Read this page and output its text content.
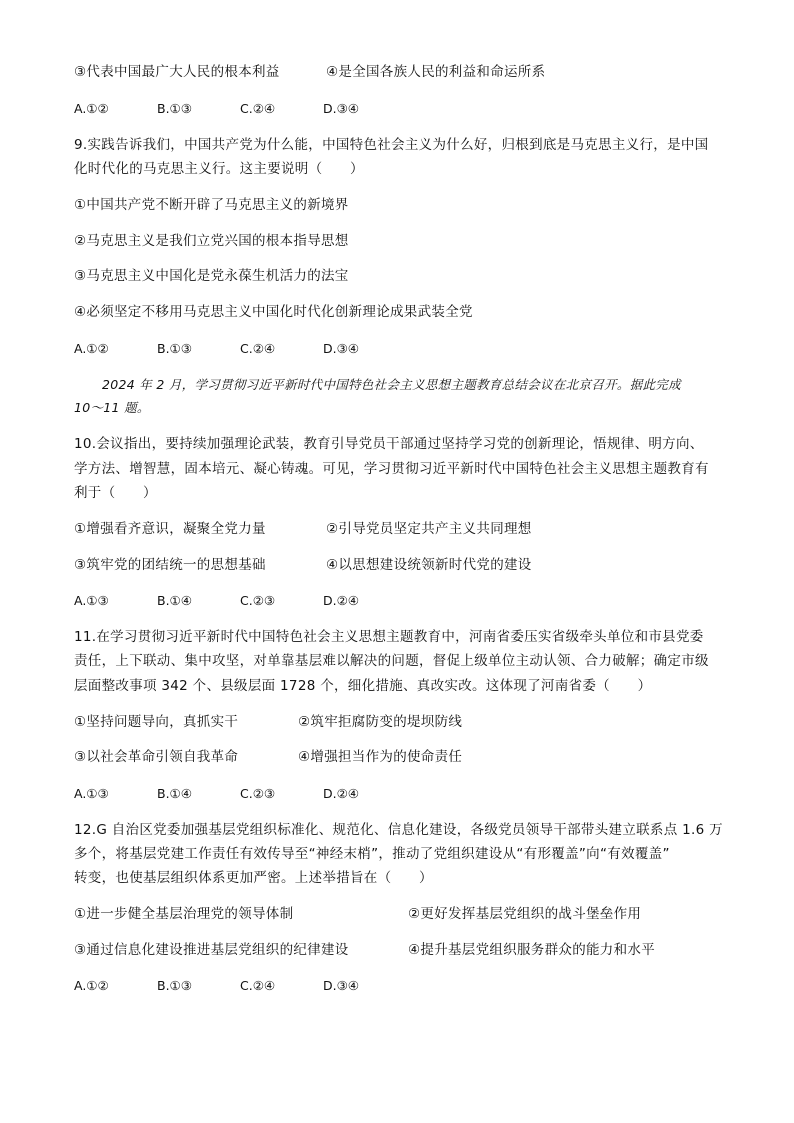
③代表中国最广大人民的根本利益	④是全国各族人民的利益和命运所系
A.①②	B.①③	C.②④	D.③④
9.实践告诉我们，中国共产党为什么能，中国特色社会主义为什么好，归根到底是马克思主义行，是中国
化时代化的马克思主义行。这主要说明（　　）
①中国共产党不断开辟了马克思主义的新境界
②马克思主义是我们立党兴国的根本指导思想
③马克思主义中国化是党永葆生机活力的法宝
④必须坚定不移用马克思主义中国化时代化创新理论成果武装全党
A.①②	B.①③	C.②④	D.③④
2024 年 2 月，学习贯彻习近平新时代中国特色社会主义思想主题教育总结会议在北京召开。据此完成
10～11 题。
10.会议指出，要持续加强理论武装，教育引导党员干部通过坚持学习党的创新理论，悟规律、明方向、
学方法、增智慧，固本培元、凝心铸魂。可见，学习贯彻习近平新时代中国特色社会主义思想主题教育有
利于（　　）
①增强看齐意识，凝聚全党力量	②引导党员坚定共产主义共同理想
③筑牢党的团结统一的思想基础	④以思想建设统领新时代党的建设
A.①③	B.①④	C.②③	D.②④
11.在学习贯彻习近平新时代中国特色社会主义思想主题教育中，河南省委压实省级牵头单位和市县党委
责任，上下联动、集中攻坚，对单靠基层难以解决的问题，督促上级单位主动认领、合力破解；确定市级
层面整改事项 342 个、县级层面 1728 个，细化措施、真改实改。这体现了河南省委（　　）
①坚持问题导向，真抓实干	②筑牢拒腐防变的堤坝防线
③以社会革命引领自我革命	④增强担当作为的使命责任
A.①③	B.①④	C.②③	D.②④
12.G 自治区党委加强基层党组织标准化、规范化、信息化建设，各级党员领导干部带头建立联系点 1.6 万
多个，将基层党建工作责任有效传导至“神经末梢”，推动了党组织建设从“有形覆盖”向“有效覆盖”
转变，也使基层组织体系更加严密。上述举措旨在（　　）
①进一步健全基层治理党的领导体制	②更好发挥基层党组织的战斗堡垒作用
③通过信息化建设推进基层党组织的纪律建设	④提升基层党组织服务群众的能力和水平
A.①②	B.①③	C.②④	D.③④
